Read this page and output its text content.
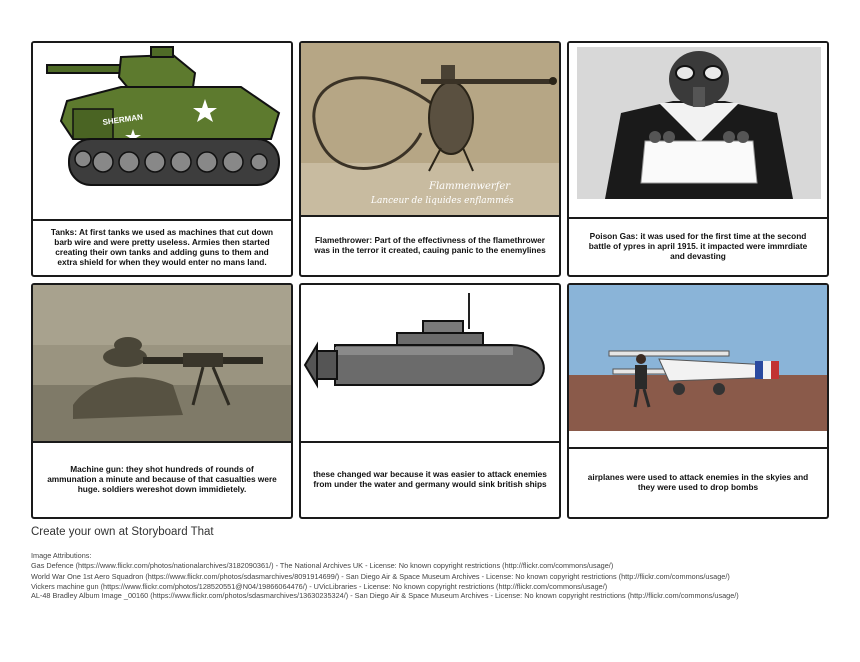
SHERMAN
Tanks: At first tanks we used as machines that cut down barb wire and were pretty useless. Armies then started creating their own tanks and adding guns to them and extra shield for when they would enter no mans land.
Flammenwerfer
Lanceur de liquides enflammés
Flamethrower: Part of the effectivness of the flamethrower was in the terror it created, cauing panic to the enemylines
Poison Gas: it was used for the first time at the second battle of ypres in april 1915. it impacted were immrdiate and devasting
Machine gun: they shot hundreds of rounds of ammunation a minute and because of that casualties were huge. soldiers wereshot down immidietely.
these changed war because it was easier to attack enemies from under the water and germany would sink british ships
airplanes were used to attack enemies in the skyies and they were used to drop bombs
Create your own at Storyboard That
Image Attributions:
Gas Defence (https://www.flickr.com/photos/nationalarchives/3182090361/) - The National Archives UK - License: No known copyright restrictions (http://flickr.com/commons/usage/)
World War One 1st Aero Squadron (https://www.flickr.com/photos/sdasmarchives/8091914699/) - San Diego Air & Space Museum Archives - License: No known copyright restrictions (http://flickr.com/commons/usage/)
Vickers machine gun (https://www.flickr.com/photos/128520551@N04/19866064476/) - UVicLibraries - License: No known copyright restrictions (http://flickr.com/commons/usage/)
AL-48 Bradley Album Image _00160 (https://www.flickr.com/photos/sdasmarchives/13630235324/) - San Diego Air & Space Museum Archives - License: No known copyright restrictions (http://flickr.com/commons/usage/)
